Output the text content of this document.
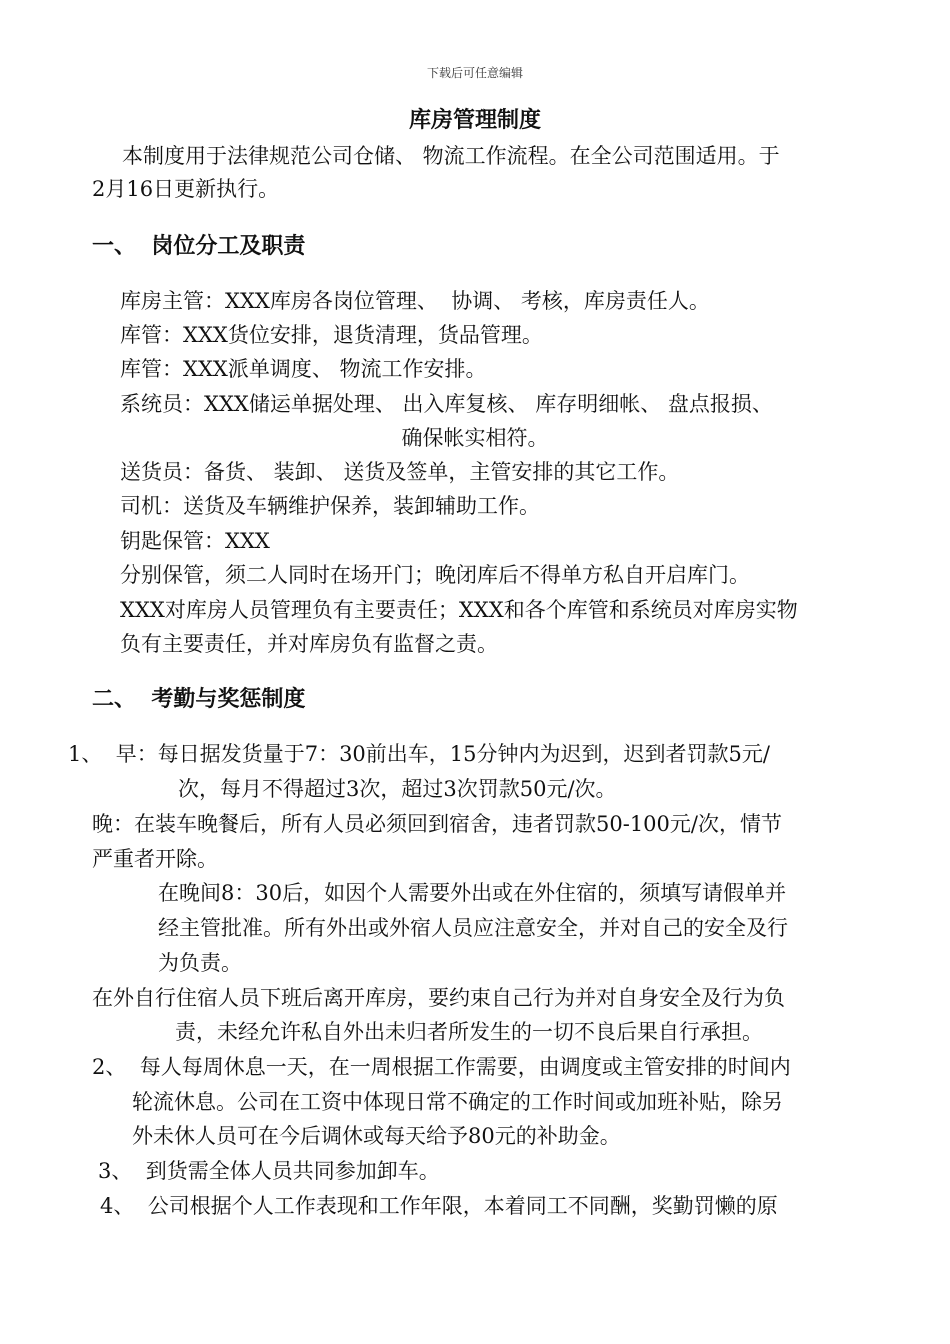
下载后可任意编辑
库房管理制度
本制度用于法律规范公司仓储、 物流工作流程。在全公司范围适用。于
2月16日更新执行。
一、  岗位分工及职责
库房主管：XXX库房各岗位管理、  协调、 考核，库房责任人。
库管：XXX货位安排，退货清理，货品管理。
库管：XXX派单调度、 物流工作安排。
系统员：XXX储运单据处理、 出入库复核、 库存明细帐、 盘点报损、
确保帐实相符。
送货员：备货、 装卸、 送货及签单，主管安排的其它工作。
司机：送货及车辆维护保养，装卸辅助工作。
钥匙保管：XXX
分别保管，须二人同时在场开门；晚闭库后不得单方私自开启库门。
XXX对库房人员管理负有主要责任；XXX和各个库管和系统员对库房实物
负有主要责任，并对库房负有监督之责。
二、  考勤与奖惩制度
1、  早：每日据发货量于7：30前出车，15分钟内为迟到，迟到者罚款5元/
次，每月不得超过3次，超过3次罚款50元/次。
晚：在装车晚餐后，所有人员必须回到宿舍，违者罚款50-100元/次，情节
严重者开除。
在晚间8：30后，如因个人需要外出或在外住宿的，须填写请假单并
经主管批准。所有外出或外宿人员应注意安全，并对自己的安全及行
为负责。
在外自行住宿人员下班后离开库房，要约束自己行为并对自身安全及行为负
责，未经允许私自外出未归者所发生的一切不良后果自行承担。
2、  每人每周休息一天，在一周根据工作需要，由调度或主管安排的时间内
轮流休息。公司在工资中体现日常不确定的工作时间或加班补贴，除另
外未休人员可在今后调休或每天给予80元的补助金。
3、  到货需全体人员共同参加卸车。
4、  公司根据个人工作表现和工作年限，本着同工不同酬，奖勤罚懒的原
